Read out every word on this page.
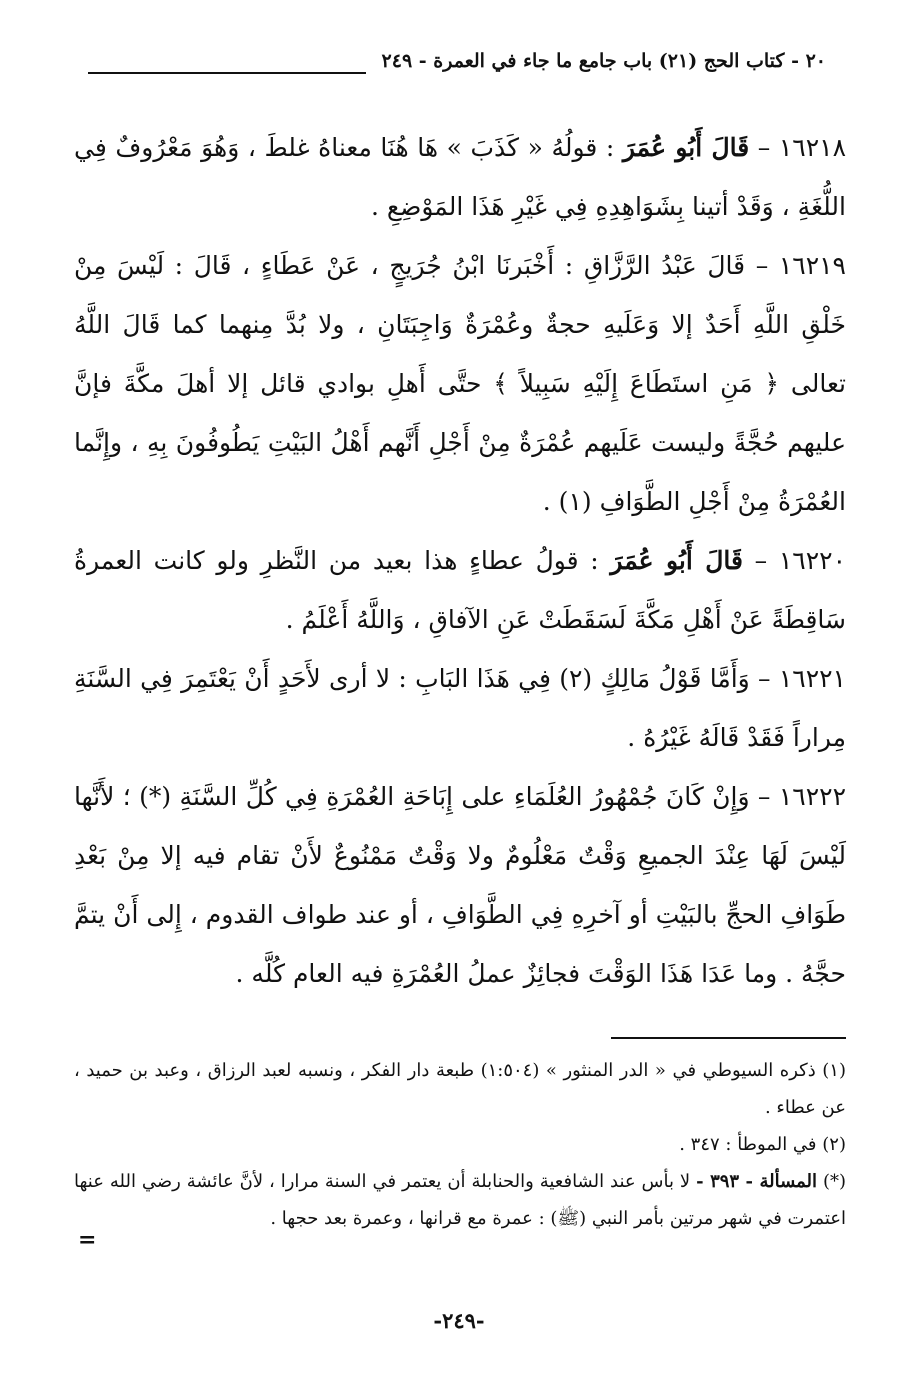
٢٠ - كتاب الحج (٢١) باب جامع ما جاء في العمرة - ٢٤٩

١٦٢١٨ – قَالَ أَبُو عُمَرَ : قولُهُ « كَذَبَ » هَا هُنَا معناهُ غلطَ ، وَهُوَ مَعْرُوفٌ فِي اللُّغَةِ ، وَقَدْ أتينا بِشَوَاهِدِهِ فِي غَيْرِ هَذَا المَوْضِعِ .

١٦٢١٩ – قَالَ عَبْدُ الرَّزَّاقِ : أَخْبَرنَا ابْنُ جُرَيجٍ ، عَنْ عَطَاءٍ ، قَالَ : لَيْسَ مِنْ خَلْقِ اللَّهِ أَحَدٌ إلا وَعَلَيهِ حجةٌ وعُمْرَةٌ وَاجِبَتَانِ ، ولا بُدَّ مِنهما كما قَالَ اللَّهُ تعالى ﴿ مَنِ استَطَاعَ إِلَيْهِ سَبِيلاً ﴾ حتَّى أَهلِ بوادي قائل إلا أهلَ مكَّةَ فإنَّ عليهم حُجَّةً وليست عَلَيهم عُمْرَةٌ مِنْ أَجْلِ أَنَّهم أَهْلُ البَيْتِ يَطُوفُونَ بِهِ ، وإِنَّما العُمْرَةُ مِنْ أَجْلِ الطَّوَافِ (١) .

١٦٢٢٠ – قَالَ أَبُو عُمَرَ : قولُ عطاءٍ هذا بعيد من النَّظرِ ولو كانت العمرةُ سَاقِطَةً عَنْ أَهْلِ مَكَّةَ لَسَقَطَتْ عَنِ الآفاقِ ، وَاللَّهُ أَعْلَمُ .

١٦٢٢١ – وَأَمَّا قَوْلُ مَالِكٍ (٢) فِي هَذَا البَابِ : لا أرى لأَحَدٍ أَنْ يَعْتَمِرَ فِي السَّنَةِ مِراراً فَقَدْ قَالَهُ غَيْرُهُ .

١٦٢٢٢ – وَإِنْ كَانَ جُمْهُورُ العُلَمَاءِ على إِبَاحَةِ العُمْرَةِ فِي كُلِّ السَّنَةِ (*) ؛ لأَنَّها لَيْسَ لَهَا عِنْدَ الجميعِ وَقْتٌ مَعْلُومٌ ولا وَقْتٌ مَمْنُوعٌ لأَنْ تقام فيه إلا مِنْ بَعْدِ طَوَافِ الحجِّ بالبَيْتِ أو آخرِهِ فِي الطَّوَافِ ، أو عند طواف القدوم ، إِلى أَنْ يتمَّ حجَّهُ . وما عَدَا هَذَا الوَقْتَ فجائِزٌ عملُ العُمْرَةِ فيه العام كُلَّه .

(١) ذكره السيوطي في « الدر المنثور » (١:٥٠٤) طبعة دار الفكر ، ونسبه لعبد الرزاق ، وعبد بن حميد ، عن عطاء .

(٢) في الموطأ : ٣٤٧ .

(*) المسألة - ٣٩٣ - لا بأس عند الشافعية والحنابلة أن يعتمر في السنة مرارا ، لأنَّ عائشة رضي الله عنها اعتمرت في شهر مرتين بأمر النبي (ﷺ) : عمرة مع قرانها ، وعمرة بعد حجها .

=
-٢٤٩-
